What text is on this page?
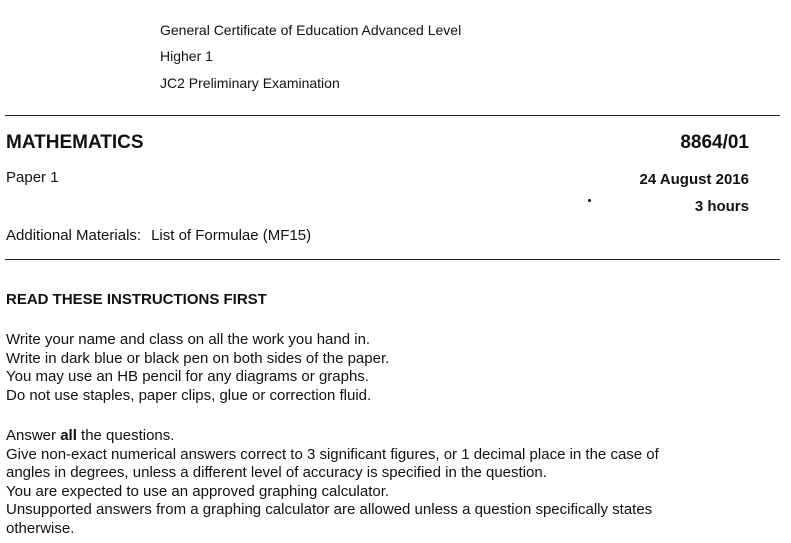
General Certificate of Education Advanced Level
Higher 1
JC2 Preliminary Examination
MATHEMATICS	8864/01
Paper 1	24 August 2016
3 hours
Additional Materials: List of Formulae (MF15)
READ THESE INSTRUCTIONS FIRST
Write your name and class on all the work you hand in.
Write in dark blue or black pen on both sides of the paper.
You may use an HB pencil for any diagrams or graphs.
Do not use staples, paper clips, glue or correction fluid.
Answer all the questions.
Give non-exact numerical answers correct to 3 significant figures, or 1 decimal place in the case of
angles in degrees, unless a different level of accuracy is specified in the question.
You are expected to use an approved graphing calculator.
Unsupported answers from a graphing calculator are allowed unless a question specifically states
otherwise.
